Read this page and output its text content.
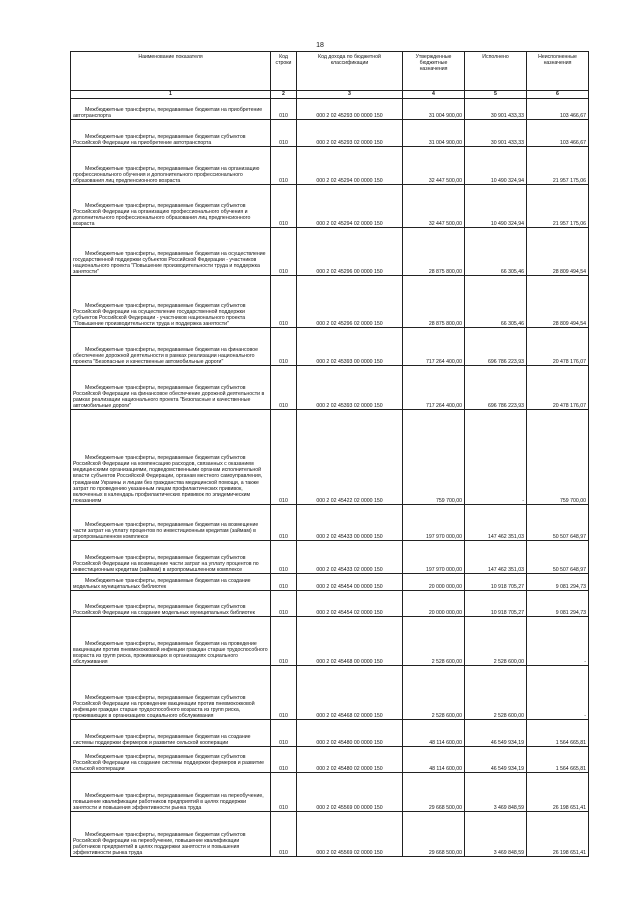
18
Наименование показателя	Код строки	Код дохода по бюджетной классификации	Утвержденные бюджетные назначения	Исполнено	Неисполненные назначения
1	2	3	4	5	6

Межбюджетные трансферты, передаваемые бюджетам на приобретение автотранспорта	010	000 2 02 45293 00 0000 150	31 004 900,00	30 901 433,33	103 466,67

Межбюджетные трансферты, передаваемые бюджетам субъектов Российской Федерации на приобретение автотранспорта	010	000 2 02 45293 02 0000 150	31 004 900,00	30 901 433,33	103 466,67

Межбюджетные трансферты, передаваемые бюджетам на организацию профессионального обучения и дополнительного профессионального образования лиц предпенсионного возраста	010	000 2 02 45294 00 0000 150	32 447 500,00	10 490 324,94	21 957 175,06

Межбюджетные трансферты, передаваемые бюджетам субъектов Российской Федерации на организацию профессионального обучения и дополнительного профессионального образования лиц предпенсионного возраста	010	000 2 02 45294 02 0000 150	32 447 500,00	10 490 324,94	21 957 175,06

Межбюджетные трансферты, передаваемые бюджетам на осуществление государственной поддержки субъектов Российской Федерации - участников национального проекта "Повышение производительности труда и поддержка занятости"	010	000 2 02 45296 00 0000 150	28 875 800,00	66 305,46	28 809 494,54

Межбюджетные трансферты, передаваемые бюджетам субъектов Российской Федерации на осуществление государственной поддержки субъектов Российской Федерации - участников национального проекта "Повышение производительности труда и поддержка занятости"	010	000 2 02 45296 02 0000 150	28 875 800,00	66 305,46	28 809 494,54

Межбюджетные трансферты, передаваемые бюджетам на финансовое обеспечение дорожной деятельности в рамках реализации национального проекта "Безопасные и качественные автомобильные дороги"	010	000 2 02 45393 00 0000 150	717 264 400,00	696 786 223,93	20 478 176,07

Межбюджетные трансферты, передаваемые бюджетам субъектов Российской Федерации на финансовое обеспечение дорожной деятельности в рамках реализации национального проекта "Безопасные и качественные автомобильные дороги"	010	000 2 02 45393 02 0000 150	717 264 400,00	696 786 223,93	20 478 176,07

Межбюджетные трансферты, передаваемые бюджетам субъектов Российской Федерации на компенсацию расходов, связанных с оказанием медицинскими организациями, подведомственными органам исполнительной власти субъектов Российской Федерации, органам местного самоуправления, гражданам Украины и лицам без гражданства медицинской помощи, а также затрат по проведению указанным лицам профилактических прививок, включенных в календарь профилактических прививок по эпидемическим показаниям	010	000 2 02 45422 02 0000 150	759 700,00	-	759 700,00

Межбюджетные трансферты, передаваемые бюджетам на возмещение части затрат на уплату процентов по инвестиционным кредитам (займам) в агропромышленном комплексе	010	000 2 02 45433 00 0000 150	197 970 000,00	147 462 351,03	50 507 648,97

Межбюджетные трансферты, передаваемые бюджетам субъектов Российской Федерации на возмещение части затрат на уплату процентов по инвестиционным кредитам (займам) в агропромышленном комплексе	010	000 2 02 45433 02 0000 150	197 970 000,00	147 462 351,03	50 507 648,97

Межбюджетные трансферты, передаваемые бюджетам на создание модельных муниципальных библиотек	010	000 2 02 45454 00 0000 150	20 000 000,00	10 918 705,27	9 081 294,73

Межбюджетные трансферты, передаваемые бюджетам субъектов Российской Федерации на создание модельных муниципальных библиотек	010	000 2 02 45454 02 0000 150	20 000 000,00	10 918 705,27	9 081 294,73

Межбюджетные трансферты, передаваемые бюджетам на проведение вакцинации против пневмококковой инфекции граждан старше трудоспособного возраста из групп риска, проживающих в организациях социального обслуживания	010	000 2 02 45468 00 0000 150	2 528 600,00	2 528 600,00	-

Межбюджетные трансферты, передаваемые бюджетам субъектов Российской Федерации на проведение вакцинации против пневмококковой инфекции граждан старше трудоспособного возраста из групп риска, проживающих в организациях социального обслуживания	010	000 2 02 45468 02 0000 150	2 528 600,00	2 528 600,00	-

Межбюджетные трансферты, передаваемые бюджетам на создание системы поддержки фермеров и развитие сельской кооперации	010	000 2 02 45480 00 0000 150	48 114 600,00	46 549 934,19	1 564 665,81

Межбюджетные трансферты, передаваемые бюджетам субъектов Российской Федерации на создание системы поддержки фермеров и развитие сельской кооперации	010	000 2 02 45480 02 0000 150	48 114 600,00	46 549 934,19	1 564 665,81

Межбюджетные трансферты, передаваемые бюджетам на переобучение, повышение квалификации работников предприятий в целях поддержки занятости и повышения эффективности рынка труда	010	000 2 02 45569 00 0000 150	29 668 500,00	3 469 848,59	26 198 651,41

Межбюджетные трансферты, передаваемые бюджетам субъектов Российской Федерации на переобучение, повышение квалификации работников предприятий в целях поддержки занятости и повышения эффективности рынка труда	010	000 2 02 45569 02 0000 150	29 668 500,00	3 469 848,59	26 198 651,41
